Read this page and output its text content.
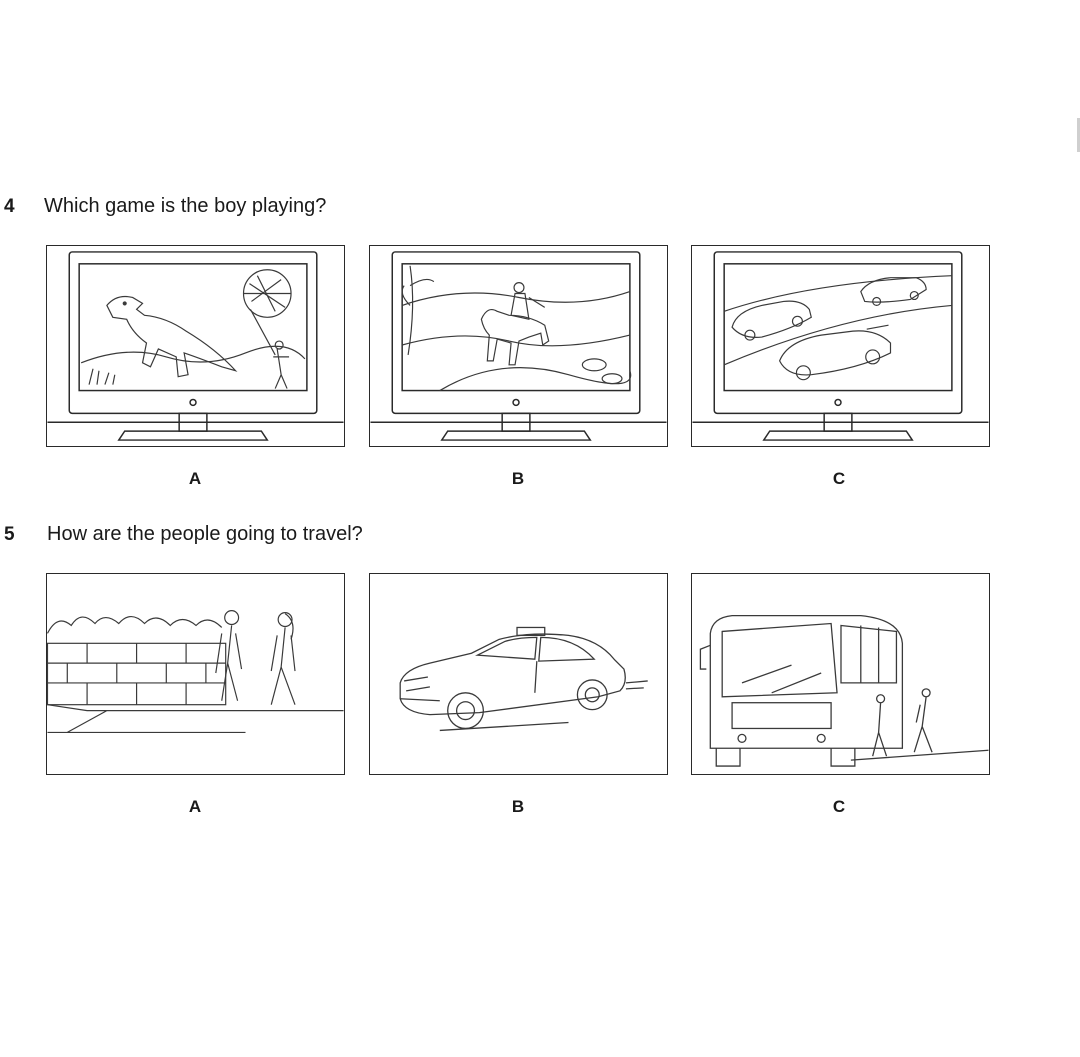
4 Which game is the boy playing?
A	B	C
5 How are the people going to travel?
A	B	C
